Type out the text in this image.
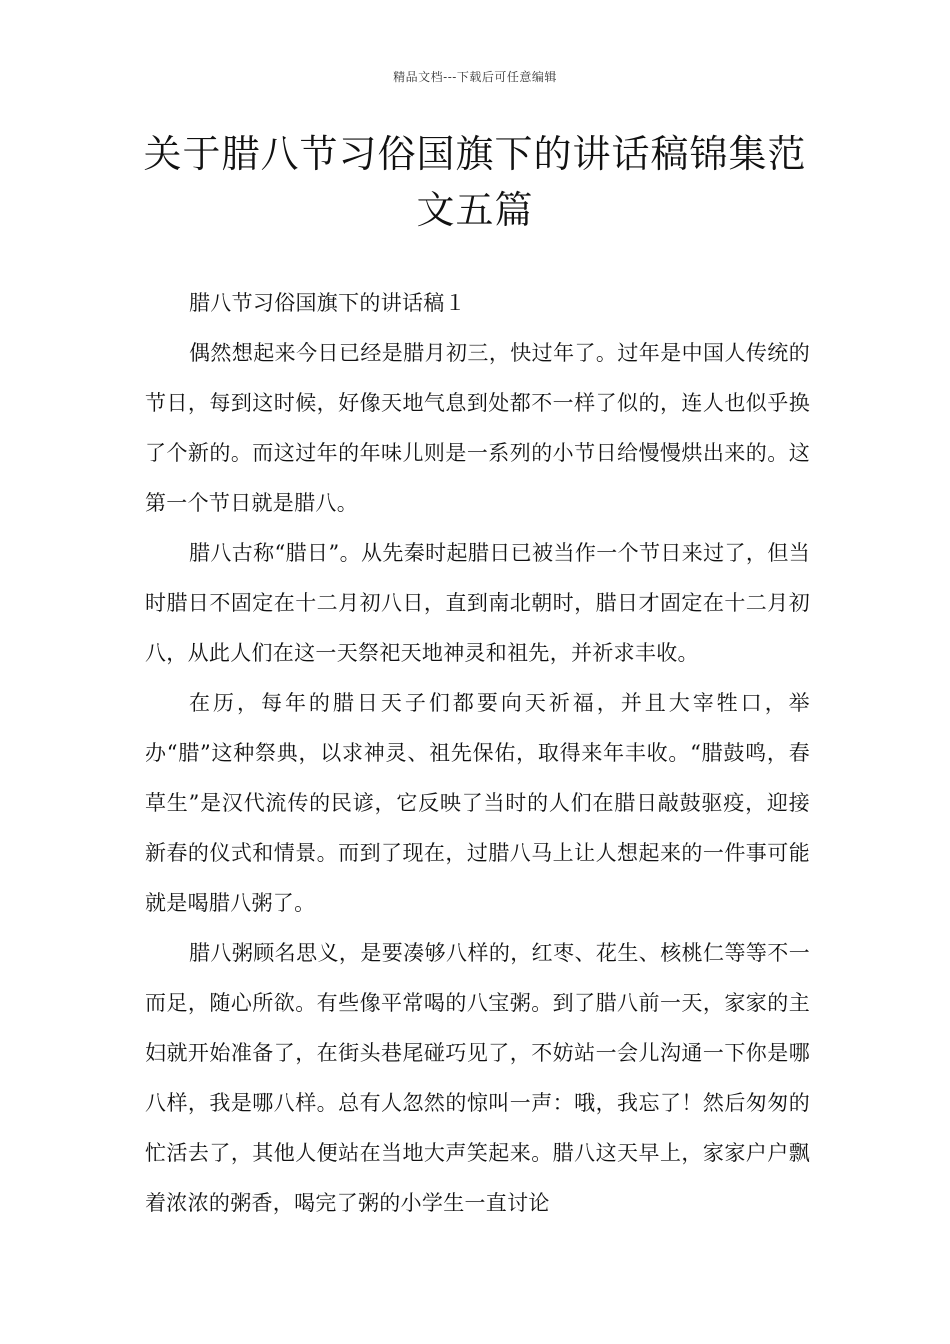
精品文档---下载后可任意编辑
关于腊八节习俗国旗下的讲话稿锦集范文五篇

腊八节习俗国旗下的讲话稿１

偶然想起来今日已经是腊月初三，快过年了。过年是中国人传统的节日，每到这时候，好像天地气息到处都不一样了似的，连人也似乎换了个新的。而这过年的年味儿则是一系列的小节日给慢慢烘出来的。这第一个节日就是腊八。

腊八古称“腊日”。从先秦时起腊日已被当作一个节日来过了，但当时腊日不固定在十二月初八日，直到南北朝时，腊日才固定在十二月初八，从此人们在这一天祭祀天地神灵和祖先，并祈求丰收。

在历，每年的腊日天子们都要向天祈福，并且大宰牲口，举办“腊”这种祭典，以求神灵、祖先保佑，取得来年丰收。“腊鼓鸣，春草生”是汉代流传的民谚，它反映了当时的人们在腊日敲鼓驱疫，迎接新春的仪式和情景。而到了现在，过腊八马上让人想起来的一件事可能就是喝腊八粥了。

腊八粥顾名思义，是要凑够八样的，红枣、花生、核桃仁等等不一而足，随心所欲。有些像平常喝的八宝粥。到了腊八前一天，家家的主妇就开始准备了，在街头巷尾碰巧见了，不妨站一会儿沟通一下你是哪八样，我是哪八样。总有人忽然的惊叫一声：哦，我忘了！然后匆匆的忙活去了，其他人便站在当地大声笑起来。腊八这天早上，家家户户飘着浓浓的粥香，喝完了粥的小学生一直讨论
